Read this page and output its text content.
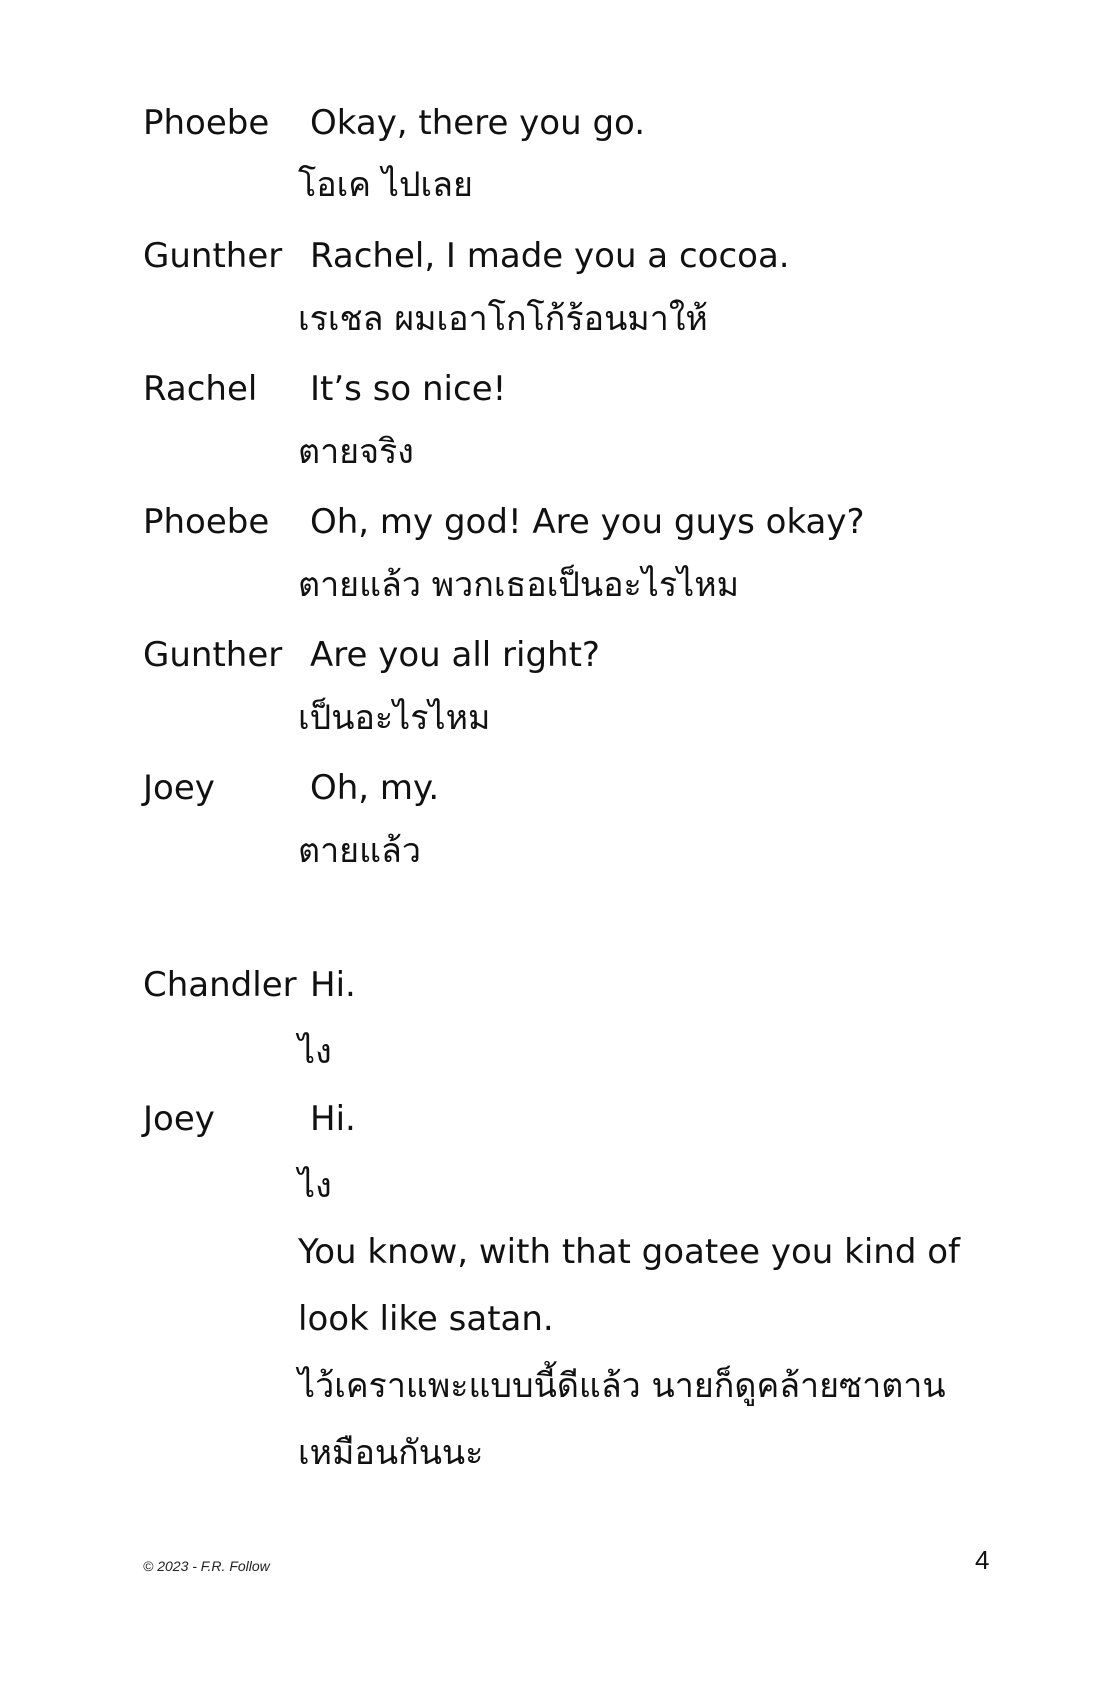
Phoebe Okay, there you go.
โอเค ไปเลย
Gunther Rachel, I made you a cocoa.
เรเชล ผมเอาโกโก้ร้อนมาให้
Rachel It’s so nice!
ตายจริง
Phoebe Oh, my god! Are you guys okay?
ตายแล้ว พวกเธอเป็นอะไรไหม
Gunther Are you all right?
เป็นอะไรไหม
Joey	Oh, my.
ตายแล้ว
Chandler Hi.
ไง
Joey	Hi.
ไง
You know, with that goatee you kind of
look like satan.
ไว้เคราแพะแบบนี้ดีแล้ว นายก็ดูคล้ายซาตาน
เหมือนกันนะ
© 2023 - F.R. Follow	4
